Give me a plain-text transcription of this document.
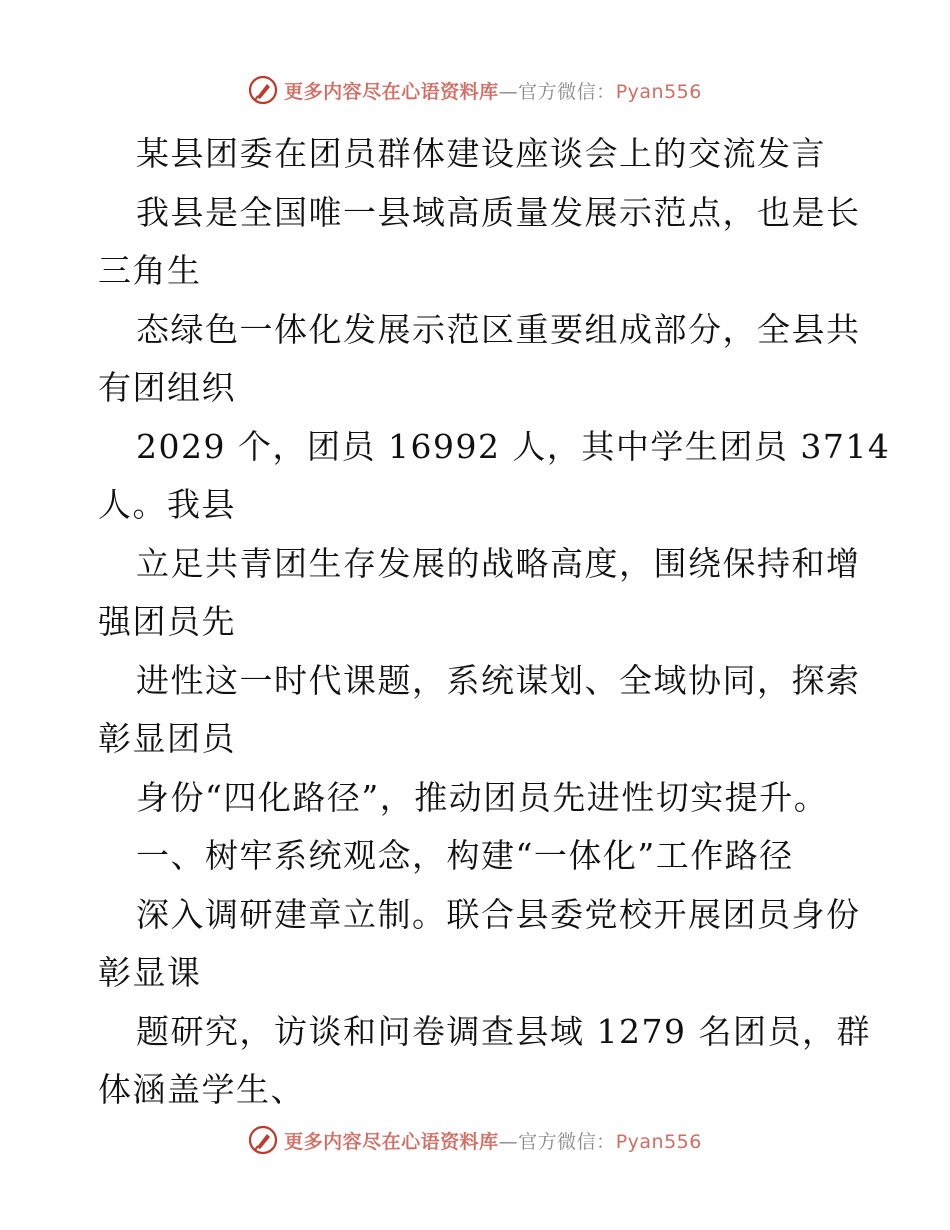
更多内容尽在心语资料库—官方微信：Pyan556
某县团委在团员群体建设座谈会上的交流发言
我县是全国唯一县域高质量发展示范点，也是长
三角生
态绿色一体化发展示范区重要组成部分，全县共
有团组织
2029 个，团员 16992 人，其中学生团员 3714
人。我县
立足共青团生存发展的战略高度，围绕保持和增
强团员先
进性这一时代课题，系统谋划、全域协同，探索
彰显团员
身份“四化路径”，推动团员先进性切实提升。
一、树牢系统观念，构建“一体化”工作路径
深入调研建章立制。联合县委党校开展团员身份
彰显课
题研究，访谈和问卷调查县域 1279 名团员，群
体涵盖学生、
更多内容尽在心语资料库—官方微信：Pyan556
